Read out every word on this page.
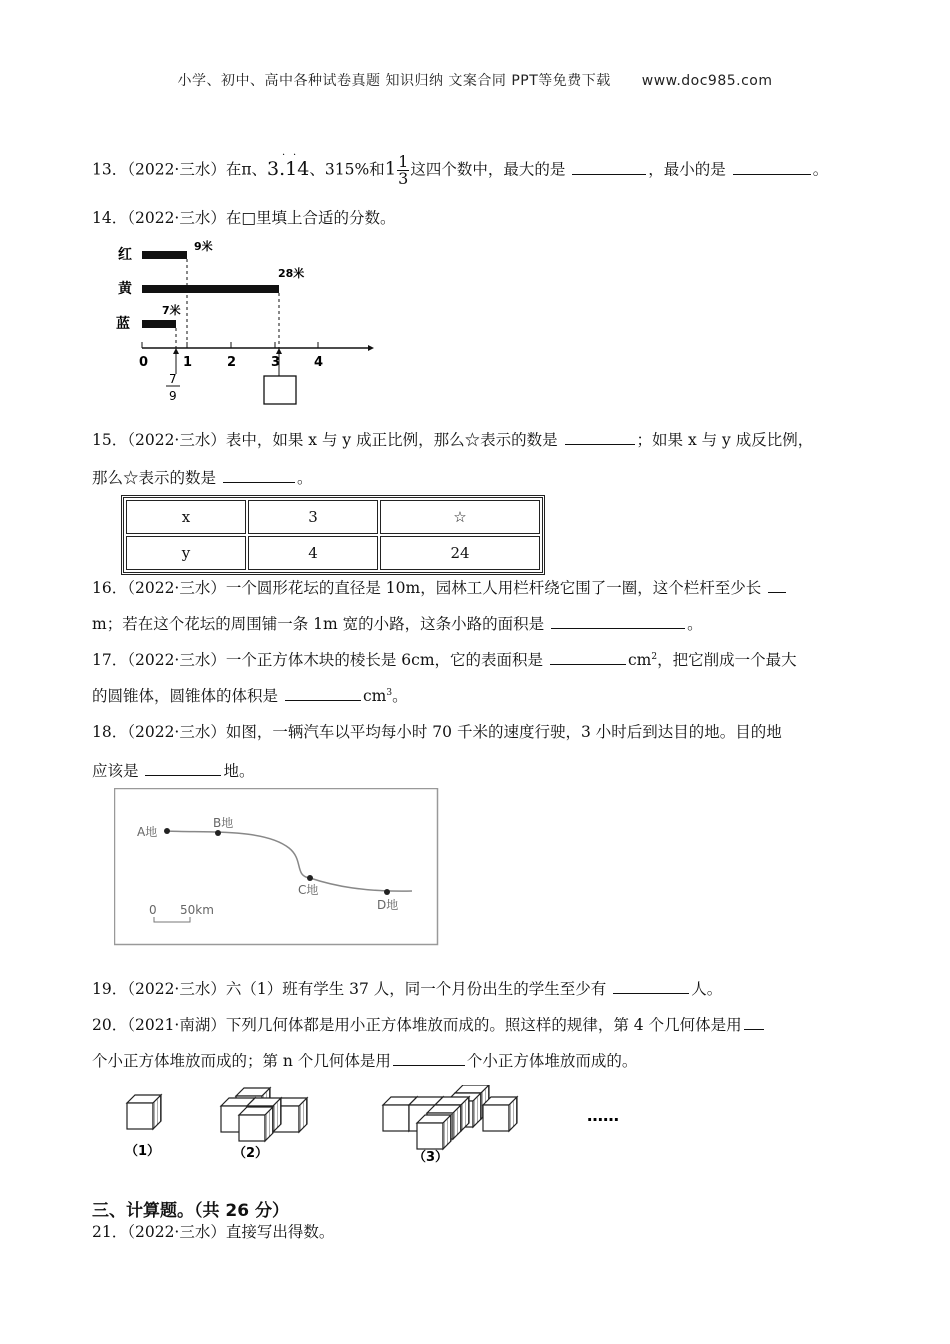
小学、初中、高中各种试卷真题 知识归纳 文案合同 PPT等免费下载 www.doc985.com
13．（2022·三水）在π、3.14
· ·
、315%和$1 \frac{1}{3}$ 这四个数中，最大的是	，最小的是	。
14．（2022·三水）在□里填上合适的分数。
红
黄
蓝
9米
28米
7米
0	1	2	3	4
7
9
15．（2022·三水）表中，如果 x 与 y 成正比例，那么☆表示的数是	；如果 x 与 y 成反比例，
那么☆表示的数是	。
x	3	☆
y	4	24
16．（2022·三水）一个圆形花坛的直径是 10m，园林工人用栏杆绕它围了一圈，这个栏杆至少长
m；若在这个花坛的周围铺一条 1m 宽的小路，这条小路的面积是	。
17．（2022·三水）一个正方体木块的棱长是 6cm，它的表面积是	$cm^2$，把它削成一个最大
的圆锥体，圆锥体的体积是	$cm^3$。
18．（2022·三水）如图，一辆汽车以平均每小时 70 千米的速度行驶，3 小时后到达目的地。目的地
应该是	地。
A地
B地
C地
D地
0 50km
19．（2022·三水）六（1）班有学生 37 人，同一个月份出生的学生至少有	人。
20．（2021·南湖）下列几何体都是用小正方体堆放而成的。照这样的规律，第 4 个几何体是用
个小正方体堆放而成的；第 n 个几何体是用	个小正方体堆放而成的。
（1）	（2）	（3）
……
三、计算题。（共 26 分）
21．（2022·三水）直接写出得数。
